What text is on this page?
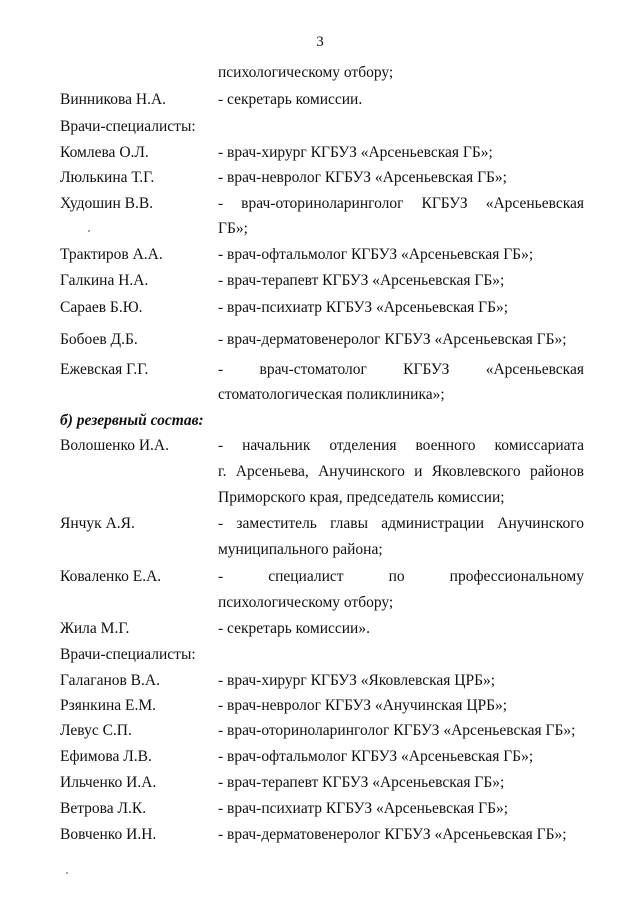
3
психологическому отбору;
Винникова Н.А.	- секретарь комиссии.
Врачи-специалисты:
Комлева О.Л.	- врач-хирург КГБУЗ «Арсеньевская ГБ»;
Люлькина Т.Г.	- врач-невролог КГБУЗ «Арсеньевская ГБ»;
Худошин В.В.	- врач-оториноларинголог КГБУЗ «Арсеньевская
ГБ»;
Трактиров А.А.	- врач-офтальмолог КГБУЗ «Арсеньевская ГБ»;
Галкина Н.А.	- врач-терапевт КГБУЗ «Арсеньевская ГБ»;
Сараев Б.Ю.	- врач-психиатр КГБУЗ «Арсеньевская ГБ»;
Бобоев Д.Б.	- врач-дерматовенеролог КГБУЗ «Арсеньевская ГБ»;
Ежевская Г.Г.	- врач-стоматолог КГБУЗ «Арсеньевская
стоматологическая поликлиника»;
б) резервный состав:
Волошенко И.А.	- начальник отделения военного комиссариата
г. Арсеньева, Анучинского и Яковлевского районов
Приморского края, председатель комиссии;
Янчук А.Я.	- заместитель главы администрации Анучинского
муниципального района;
Коваленко Е.А.	- специалист по профессиональному
психологическому отбору;
Жила М.Г.	- секретарь комиссии».
Врачи-специалисты:
Галаганов В.А.	- врач-хирург КГБУЗ «Яковлевская ЦРБ»;
Рзянкина Е.М.	- врач-невролог КГБУЗ «Анучинская ЦРБ»;
Левус С.П.	- врач-оториноларинголог КГБУЗ «Арсеньевская ГБ»;
Ефимова Л.В.	- врач-офтальмолог КГБУЗ «Арсеньевская ГБ»;
Ильченко И.А.	- врач-терапевт КГБУЗ «Арсеньевская ГБ»;
Ветрова Л.К.	- врач-психиатр КГБУЗ «Арсеньевская ГБ»;
Вовченко И.Н.	- врач-дерматовенеролог КГБУЗ «Арсеньевская ГБ»;
